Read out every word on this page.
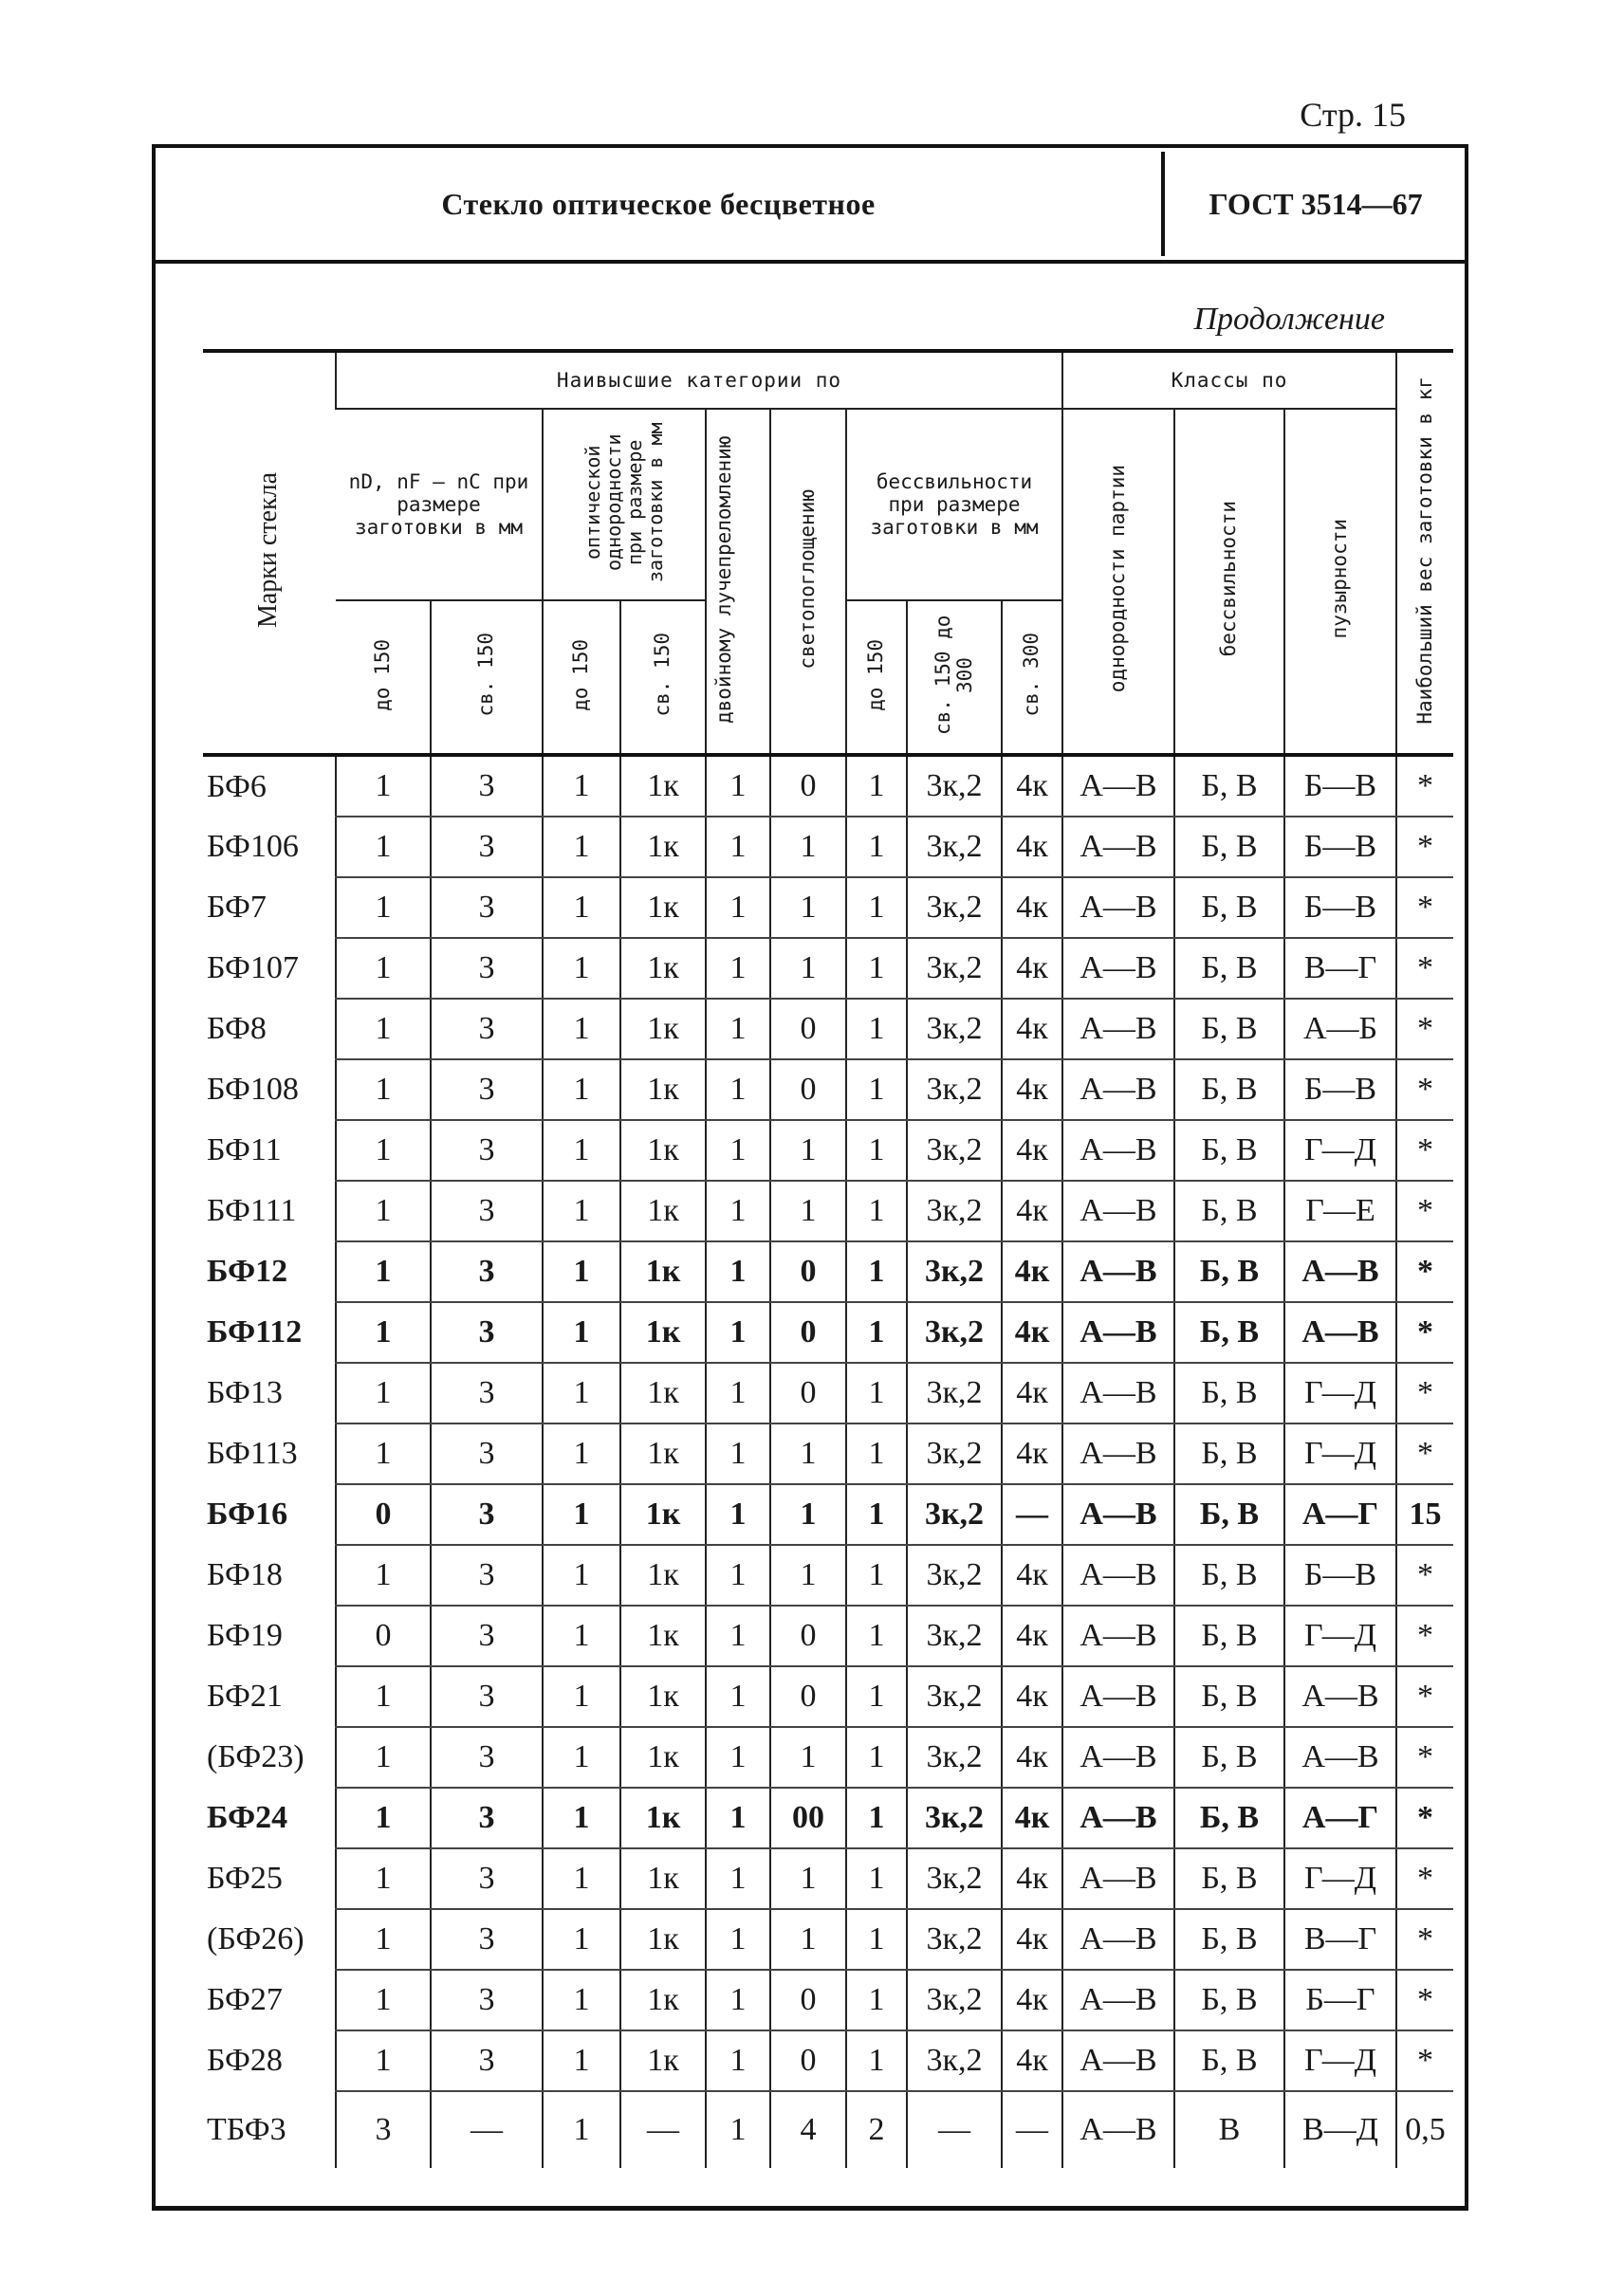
Стр. 15
Стекло оптическое бесцветное	ГОСТ 3514—67
Продолжение

Марки стекла	Наивысшие категории по									Классы по			Наибольший вес заготовки в кг
	nD, nF — nC при размере заготовки в мм		оптической однородности при размере заготовки в мм		двойному лучепреломлению	светопоглощению	бессвильности при размере заготовки в мм			однородности партии	бессвильности	пузырности	
	до 150	св. 150	до 150	св. 150			до 150	св. 150 до 300	св. 300				
БФ6	1	3	1	1к	1	0	1	3к,2	4к	А—В	Б, В	Б—В	*
БФ106	1	3	1	1к	1	1	1	3к,2	4к	А—В	Б, В	Б—В	*
БФ7	1	3	1	1к	1	1	1	3к,2	4к	А—В	Б, В	Б—В	*
БФ107	1	3	1	1к	1	1	1	3к,2	4к	А—В	Б, В	В—Г	*
БФ8	1	3	1	1к	1	0	1	3к,2	4к	А—В	Б, В	А—Б	*
БФ108	1	3	1	1к	1	0	1	3к,2	4к	А—В	Б, В	Б—В	*
БФ11	1	3	1	1к	1	1	1	3к,2	4к	А—В	Б, В	Г—Д	*
БФ111	1	3	1	1к	1	1	1	3к,2	4к	А—В	Б, В	Г—Е	*
БФ12	1	3	1	1к	1	0	1	3к,2	4к	А—В	Б, В	А—В	*
БФ112	1	3	1	1к	1	0	1	3к,2	4к	А—В	Б, В	А—В	*
БФ13	1	3	1	1к	1	0	1	3к,2	4к	А—В	Б, В	Г—Д	*
БФ113	1	3	1	1к	1	1	1	3к,2	4к	А—В	Б, В	Г—Д	*
БФ16	0	3	1	1к	1	1	1	3к,2	—	А—В	Б, В	А—Г	15
БФ18	1	3	1	1к	1	1	1	3к,2	4к	А—В	Б, В	Б—В	*
БФ19	0	3	1	1к	1	0	1	3к,2	4к	А—В	Б, В	Г—Д	*
БФ21	1	3	1	1к	1	0	1	3к,2	4к	А—В	Б, В	А—В	*
(БФ23)	1	3	1	1к	1	1	1	3к,2	4к	А—В	Б, В	А—В	*
БФ24	1	3	1	1к	1	00	1	3к,2	4к	А—В	Б, В	А—Г	*
БФ25	1	3	1	1к	1	1	1	3к,2	4к	А—В	Б, В	Г—Д	*
(БФ26)	1	3	1	1к	1	1	1	3к,2	4к	А—В	Б, В	В—Г	*
БФ27	1	3	1	1к	1	0	1	3к,2	4к	А—В	Б, В	Б—Г	*
БФ28	1	3	1	1к	1	0	1	3к,2	4к	А—В	Б, В	Г—Д	*
ТБФ3	3	—	1	—	1	4	2	—	—	А—В	В	В—Д	0,5
